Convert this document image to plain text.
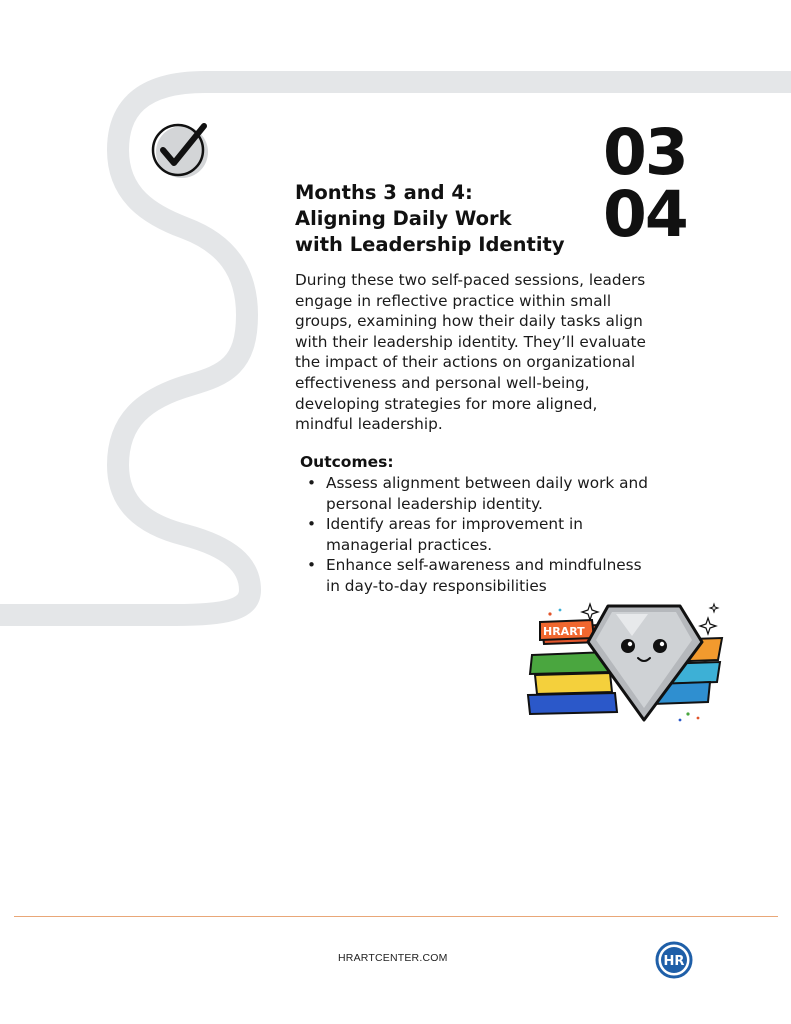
03
04
Months 3 and 4:
Aligning Daily Work
with Leadership Identity
During these two self-paced sessions, leaders
engage in reflective practice within small
groups, examining how their daily tasks align
with their leadership identity. They’ll evaluate
the impact of their actions on organizational
effectiveness and personal well-being,
developing strategies for more aligned,
mindful leadership.
Outcomes:
• Assess alignment between daily work and
personal leadership identity.
• Identify areas for improvement in
managerial practices.
• Enhance self-awareness and mindfulness
in day-to-day responsibilities
HRART
HRARTCENTER.COM	HR
